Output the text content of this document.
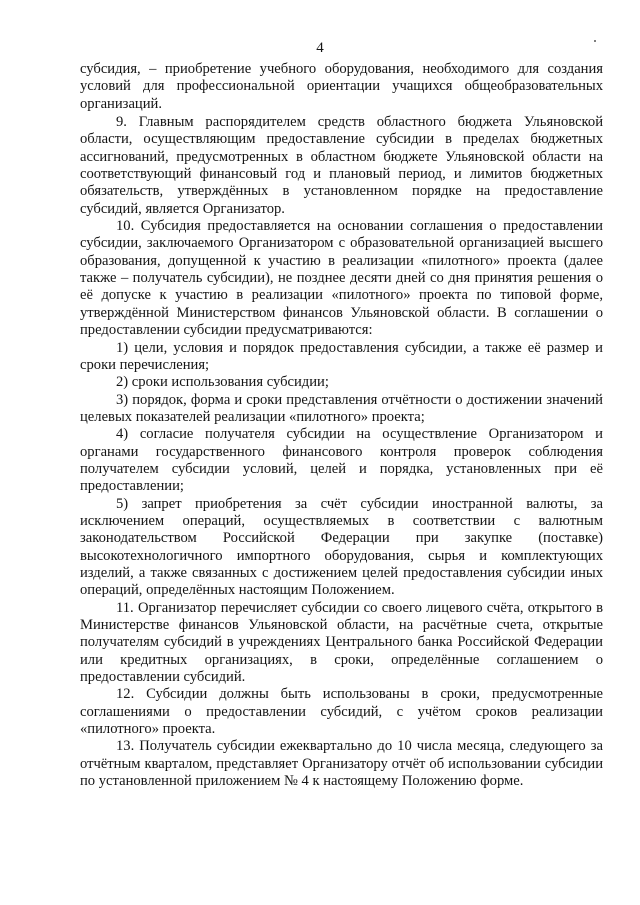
4

субсидия, – приобретение учебного оборудования, необходимого для создания условий для профессиональной ориентации учащихся общеобразовательных организаций.

9. Главным распорядителем средств областного бюджета Ульяновской области, осуществляющим предоставление субсидии в пределах бюджетных ассигнований, предусмотренных в областном бюджете Ульяновской области на соответствующий финансовый год и плановый период, и лимитов бюджетных обязательств, утверждённых в установленном порядке на предоставление субсидий, является Организатор.

10. Субсидия предоставляется на основании соглашения о предоставлении субсидии, заключаемого Организатором с образовательной организацией высшего образования, допущенной к участию в реализации «пилотного» проекта (далее также – получатель субсидии), не позднее десяти дней со дня принятия решения о её допуске к участию в реализации «пилотного» проекта по типовой форме, утверждённой Министерством финансов Ульяновской области. В соглашении о предоставлении субсидии предусматриваются:

1) цели, условия и порядок предоставления субсидии, а также её размер и сроки перечисления;

2) сроки использования субсидии;

3) порядок, форма и сроки представления отчётности о достижении значений целевых показателей реализации «пилотного» проекта;

4) согласие получателя субсидии на осуществление Организатором и органами государственного финансового контроля проверок соблюдения получателем субсидии условий, целей и порядка, установленных при её предоставлении;

5) запрет приобретения за счёт субсидии иностранной валюты, за исключением операций, осуществляемых в соответствии с валютным законодательством Российской Федерации при закупке (поставке) высокотехнологичного импортного оборудования, сырья и комплектующих изделий, а также связанных с достижением целей предоставления субсидии иных операций, определённых настоящим Положением.

11. Организатор перечисляет субсидии со своего лицевого счёта, открытого в Министерстве финансов Ульяновской области, на расчётные счета, открытые получателям субсидий в учреждениях Центрального банка Российской Федерации или кредитных организациях, в сроки, определённые соглашением о предоставлении субсидий.

12. Субсидии должны быть использованы в сроки, предусмотренные соглашениями о предоставлении субсидий, с учётом сроков реализации «пилотного» проекта.

13. Получатель субсидии ежеквартально до 10 числа месяца, следующего за отчётным кварталом, представляет Организатору отчёт об использовании субсидии по установленной приложением № 4 к настоящему Положению форме.
